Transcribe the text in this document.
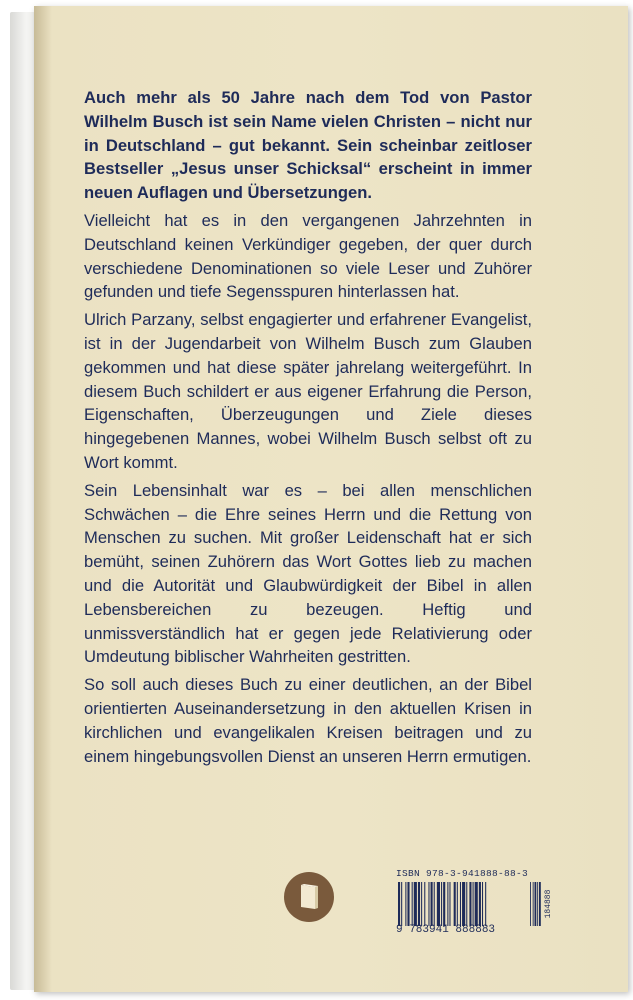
Auch mehr als 50 Jahre nach dem Tod von Pastor Wilhelm Busch ist sein Name vielen Christen – nicht nur in Deutschland – gut bekannt. Sein scheinbar zeitloser Bestseller „Jesus unser Schicksal“ erscheint in immer neuen Auflagen und Übersetzungen.

Vielleicht hat es in den vergangenen Jahrzehnten in Deutschland keinen Verkündiger gegeben, der quer durch verschiedene Denominationen so viele Leser und Zuhörer gefunden und tiefe Segensspuren hinterlassen hat.

Ulrich Parzany, selbst engagierter und erfahrener Evangelist, ist in der Jugendarbeit von Wilhelm Busch zum Glauben gekommen und hat diese später jahrelang weitergeführt. In diesem Buch schildert er aus eigener Erfahrung die Person, Eigenschaften, Überzeugungen und Ziele dieses hingegebenen Mannes, wobei Wilhelm Busch selbst oft zu Wort kommt.

Sein Lebensinhalt war es – bei allen menschlichen Schwächen – die Ehre seines Herrn und die Rettung von Menschen zu suchen. Mit großer Leidenschaft hat er sich bemüht, seinen Zuhörern das Wort Gottes lieb zu machen und die Autorität und Glaubwürdigkeit der Bibel in allen Lebensbereichen zu bezeugen. Heftig und unmissverständlich hat er gegen jede Relativierung oder Umdeutung biblischer Wahrheiten gestritten.

So soll auch dieses Buch zu einer deutlichen, an der Bibel orientierten Auseinandersetzung in den aktuellen Krisen in kirchlichen und evangelikalen Kreisen beitragen und zu einem hingebungsvollen Dienst an unseren Herrn ermutigen.

ISBN 978-3-941888-88-3
9 783941 888883
184888
